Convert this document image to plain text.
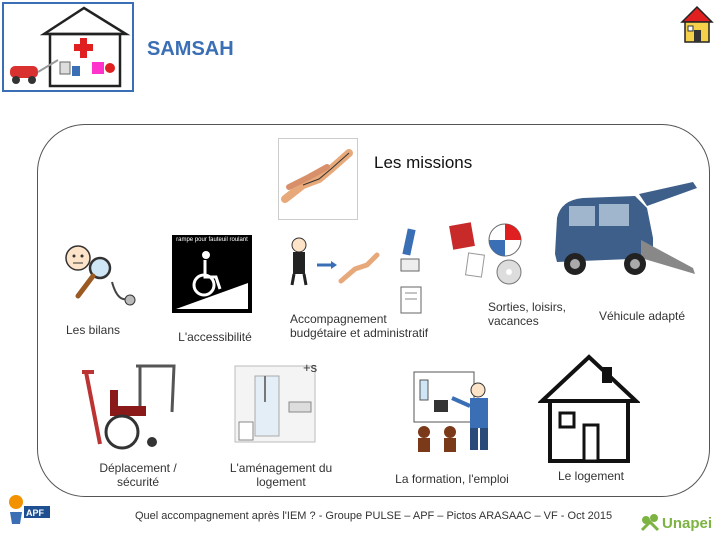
SAMSAH
Les missions
Les bilans
rampe pour fauteuil roulant
L'accessibilité
Accompagnement budgétaire et administratif
Sorties, loisirs, vacances	Véhicule adapté
Déplacement / sécurité
+s
L'aménagement du logement	La formation, l'emploi	Le logement
APF	Quel accompagnement après l'IEM ? - Groupe PULSE – APF – Pictos ARASAAC – VF - Oct 2015	Unapei
